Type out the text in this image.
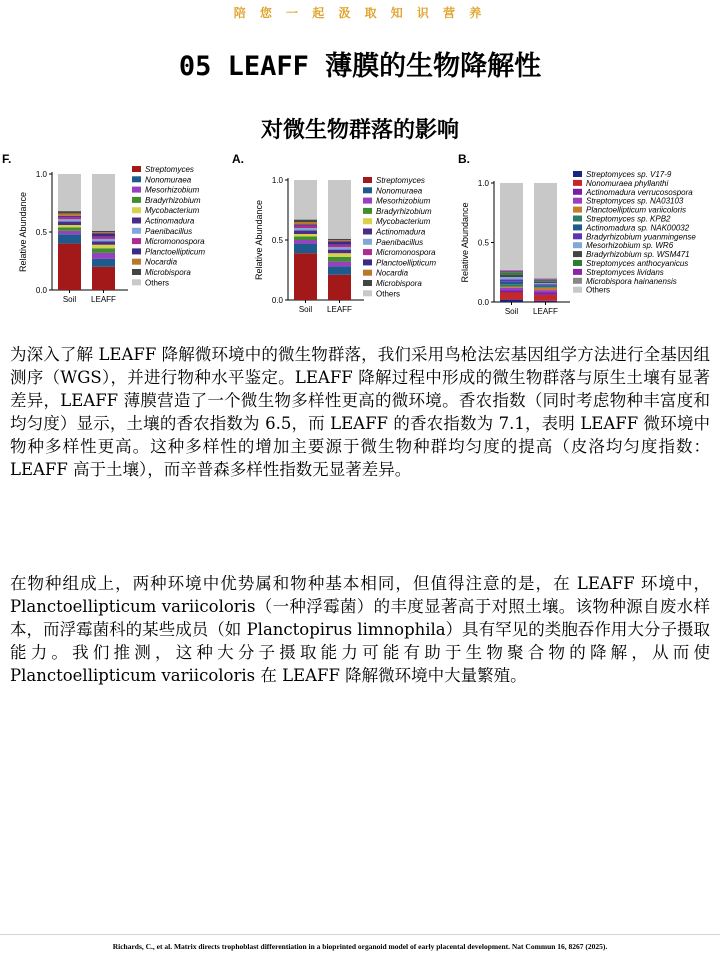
陪 您 一 起 汲 取 知 识 营 养
05 LEAFF 薄膜的生物降解性
对微生物群落的影响
F.
Relative Abundance
0.0
0.5
1.0
Soil LEAFF
Streptomyces
Nonomuraea
Mesorhizobium
Bradyrhizobium
Mycobacterium
Actinomadura
Paenibacillus
Micromonospora
Planctoellipticum
Nocardia
Microbispora
Others
A.
Relative Abundance
0.0
0.5
1.0
Soil LEAFF
Streptomyces
Nonomuraea
Mesorhizobium
Bradyrhizobium
Mycobacterium
Actinomadura
Paenibacillus
Micromonospora
Planctoellipticum
Nocardia
Microbispora
Others
B.
Relative Abundance
0.0
0.5
1.0
Soil LEAFF
Streptomyces sp. V17-9
Nonomuraea phyllanthi
Actinomadura verrucosospora
Streptomyces sp. NA03103
Planctoellipticum variicoloris
Streptomyces sp. KPB2
Actinomadura sp. NAK00032
Bradyrhizobium yuanmingense
Mesorhizobium sp. WR6
Bradyrhizobium sp. WSM471
Streptomyces anthocyanicus
Streptomyces lividans
Microbispora hainanensis
Others
为深入了解 LEAFF 降解微环境中的微生物群落，我们采用鸟枪法宏基因组学方法进行全基因组测序（WGS），并进行物种水平鉴定。LEAFF 降解过程中形成的微生物群落与原生土壤有显著差异，LEAFF 薄膜营造了一个微生物多样性更高的微环境。香农指数（同时考虑物种丰富度和均匀度）显示，土壤的香农指数为 6.5，而 LEAFF 的香农指数为 7.1，表明 LEAFF 微环境中物种多样性更高。这种多样性的增加主要源于微生物种群均匀度的提高（皮洛均匀度指数：LEAFF 高于土壤），而辛普森多样性指数无显著差异。
在物种组成上，两种环境中优势属和物种基本相同，但值得注意的是，在 LEAFF 环境中，Planctoellipticum variicoloris（一种浮霉菌）的丰度显著高于对照土壤。该物种源自废水样本，而浮霉菌科的某些成员（如 Planctopirus limnophila）具有罕见的类胞吞作用大分子摄取能力。我们推测，这种大分子摄取能力可能有助于生物聚合物的降解，从而使 Planctoellipticum variicoloris 在 LEAFF 降解微环境中大量繁殖。
Richards, C., et al. Matrix directs trophoblast differentiation in a bioprinted organoid model of early placental development. Nat Commun 16, 8267 (2025).
